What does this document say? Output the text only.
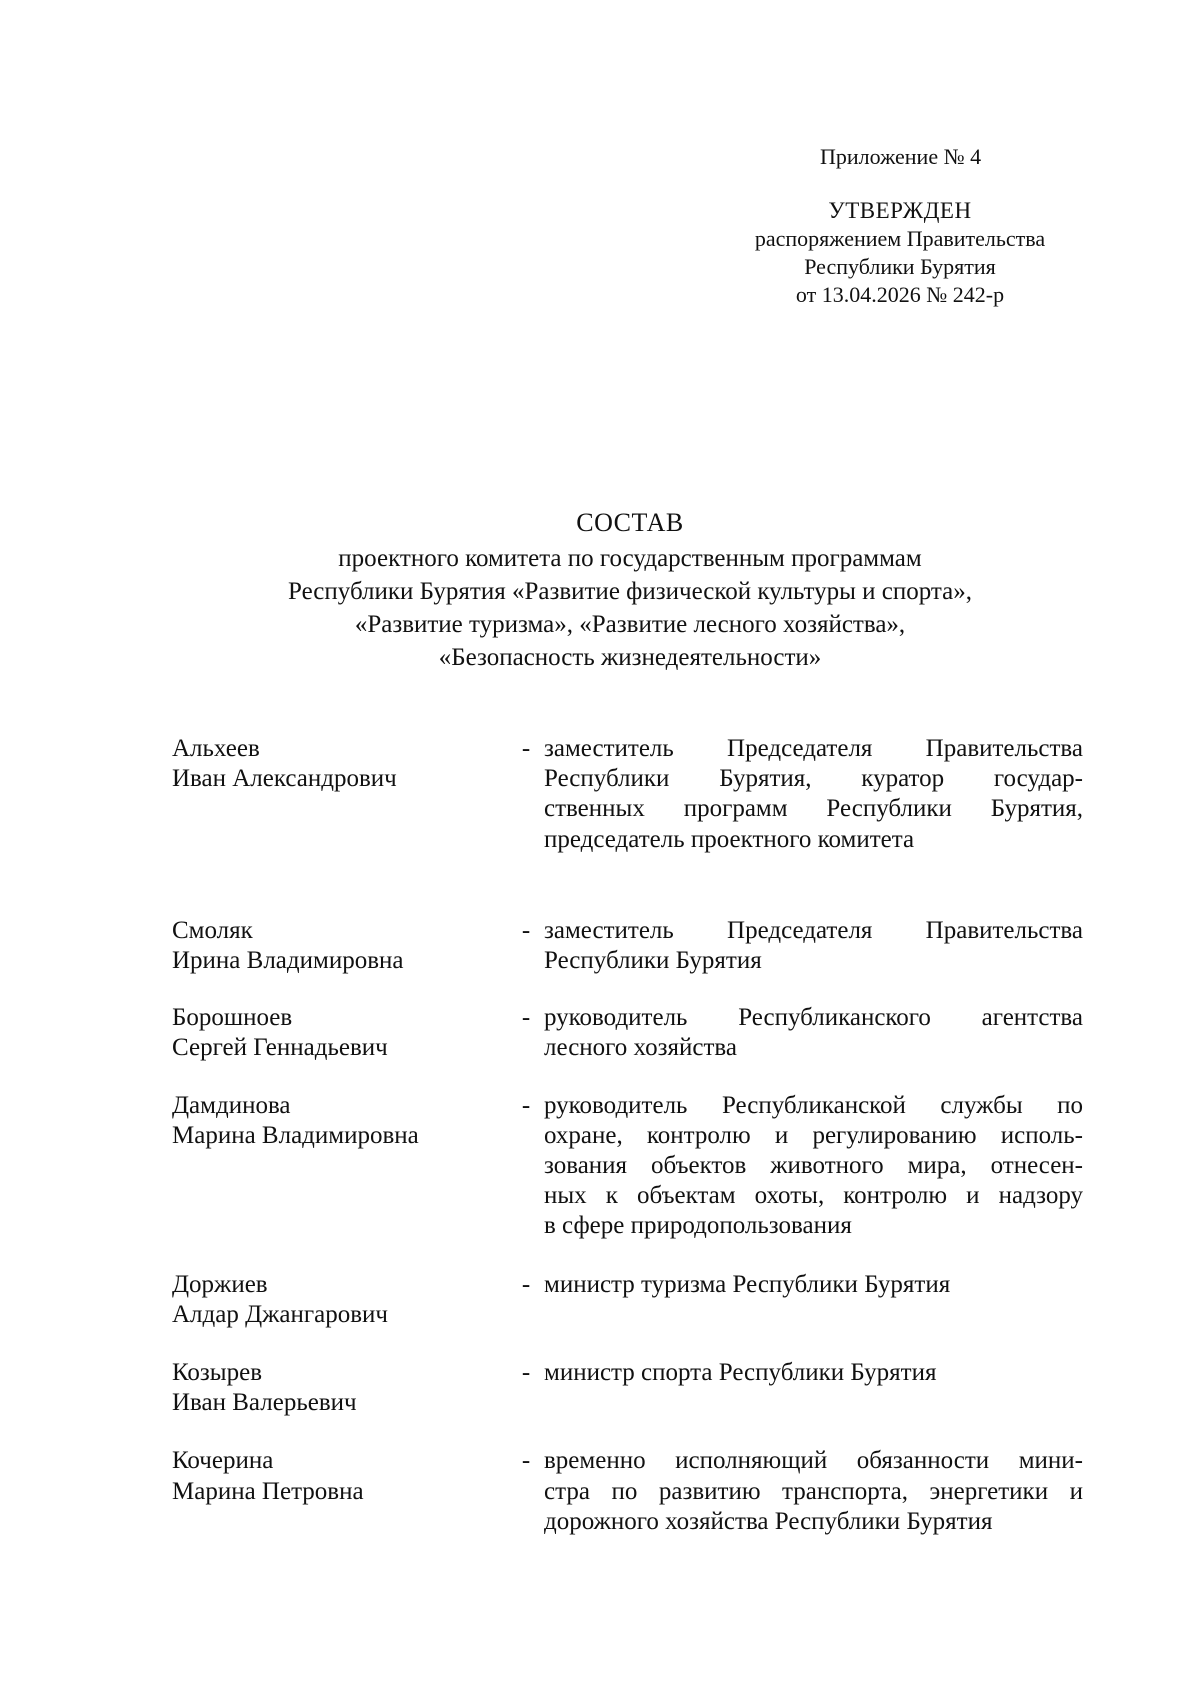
Приложение № 4
УТВЕРЖДЕН
распоряжением Правительства
Республики Бурятия
от 13.04.2026 № 242-р
СОСТАВ
проектного комитета по государственным программам
Республики Бурятия «Развитие физической культуры и спорта»,
«Развитие туризма», «Развитие лесного хозяйства»,
«Безопасность жизнедеятельности»
Альхеев
Иван Александрович
- заместитель Председателя Правительства
Республики Бурятия, куратор государ-
ственных программ Республики Бурятия,
председатель проектного комитета
Смоляк
Ирина Владимировна
- заместитель Председателя Правительства
Республики Бурятия
Борошноев
Сергей Геннадьевич
- руководитель Республиканского агентства
лесного хозяйства
Дамдинова
Марина Владимировна
- руководитель Республиканской службы по
охране, контролю и регулированию исполь-
зования объектов животного мира, отнесен-
ных к объектам охоты, контролю и надзору
в сфере природопользования
Доржиев
Алдар Джангарович
- министр туризма Республики Бурятия
Козырев
Иван Валерьевич
- министр спорта Республики Бурятия
Кочерина
Марина Петровна
- временно исполняющий обязанности мини-
стра по развитию транспорта, энергетики и
дорожного хозяйства Республики Бурятия
